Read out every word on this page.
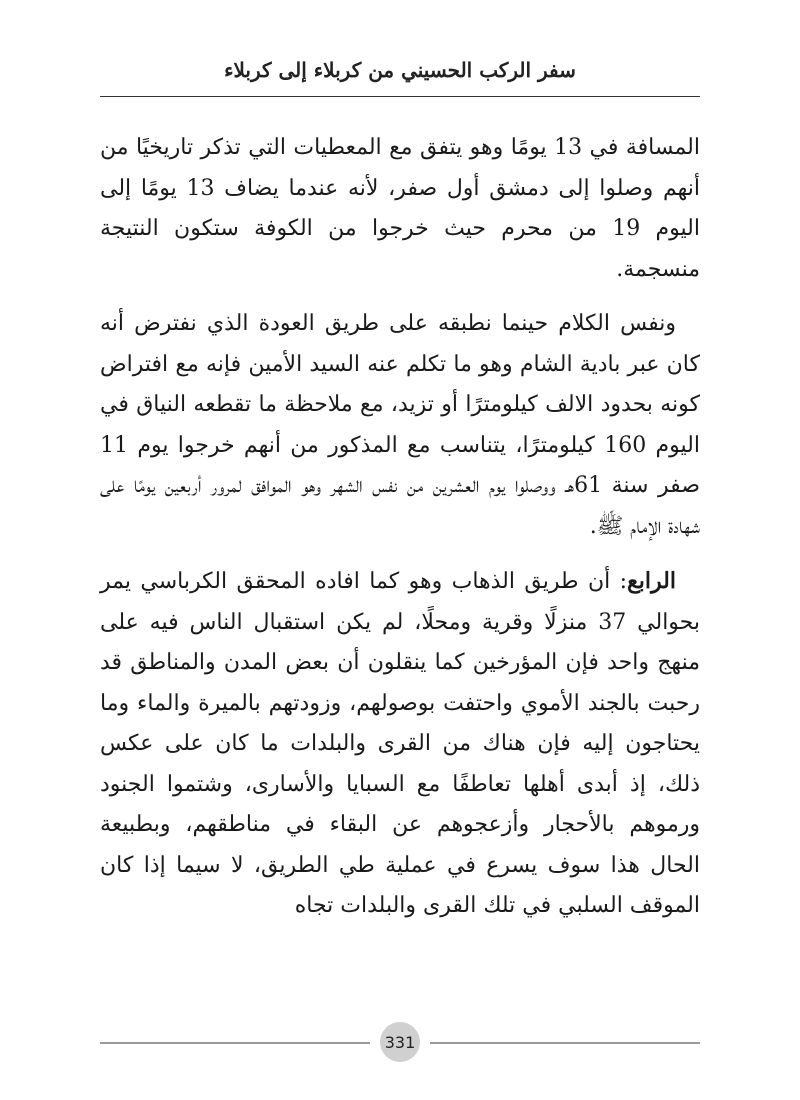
سفر الركب الحسيني من كربلاء إلى كربلاء

المسافة في 13 يومًا وهو يتفق مع المعطيات التي تذكر تاريخيًا من أنهم وصلوا إلى دمشق أول صفر، لأنه عندما يضاف 13 يومًا إلى اليوم 19 من محرم حيث خرجوا من الكوفة ستكون النتيجة منسجمة.

ونفس الكلام حينما نطبقه على طريق العودة الذي نفترض أنه كان عبر بادية الشام وهو ما تكلم عنه السيد الأمين فإنه مع افتراض كونه بحدود الالف كيلومترًا أو تزيد، مع ملاحظة ما تقطعه النياق في اليوم 160 كيلومترًا، يتناسب مع المذكور من أنهم خرجوا يوم 11 صفر سنة 61هـ ووصلوا يوم العشرين من نفس الشهر وهو الموافق لمرور أربعين يومًا على شهادة الإمام ﷺ.

الرابع: أن طريق الذهاب وهو كما افاده المحقق الكرباسي يمر بحوالي 37 منزلًا وقرية ومحلًا، لم يكن استقبال الناس فيه على منهج واحد فإن المؤرخين كما ينقلون أن بعض المدن والمناطق قد رحبت بالجند الأموي واحتفت بوصولهم، وزودتهم بالميرة والماء وما يحتاجون إليه فإن هناك من القرى والبلدات ما كان على عكس ذلك، إذ أبدى أهلها تعاطفًا مع السبايا والأسارى، وشتموا الجنود ورموهم بالأحجار وأزعجوهم عن البقاء في مناطقهم، وبطبيعة الحال هذا سوف يسرع في عملية طي الطريق، لا سيما إذا كان الموقف السلبي في تلك القرى والبلدات تجاه

331
